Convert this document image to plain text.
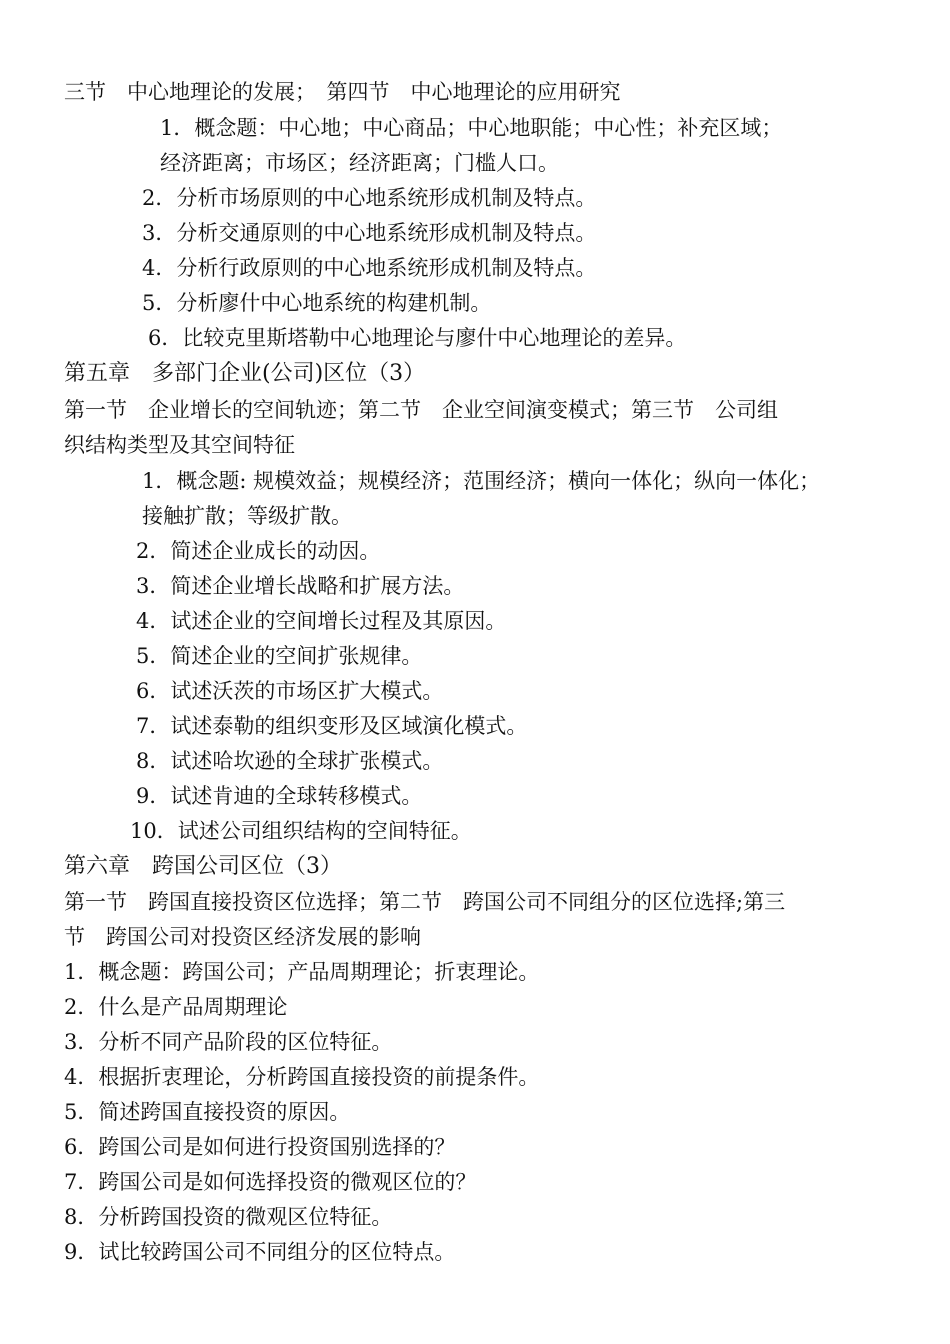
三节　中心地理论的发展；　第四节　中心地理论的应用研究
1．概念题：中心地；中心商品；中心地职能；中心性；补充区域；
经济距离；市场区；经济距离；门槛人口。
2．分析市场原则的中心地系统形成机制及特点。
3．分析交通原则的中心地系统形成机制及特点。
4．分析行政原则的中心地系统形成机制及特点。
5．分析廖什中心地系统的构建机制。
6．比较克里斯塔勒中心地理论与廖什中心地理论的差异。
第五章　多部门企业(公司)区位（3）
第一节　企业增长的空间轨迹；第二节　企业空间演变模式；第三节　公司组
织结构类型及其空间特征
1．概念题: 规模效益；规模经济；范围经济；横向一体化；纵向一体化；
接触扩散；等级扩散。
2．简述企业成长的动因。
3．简述企业增长战略和扩展方法。
4．试述企业的空间增长过程及其原因。
5．简述企业的空间扩张规律。
6．试述沃茨的市场区扩大模式。
7．试述泰勒的组织变形及区域演化模式。
8．试述哈坎逊的全球扩张模式。
9．试述肯迪的全球转移模式。
10．试述公司组织结构的空间特征。
第六章　跨国公司区位（3）
第一节　跨国直接投资区位选择；第二节　跨国公司不同组分的区位选择;第三
节　跨国公司对投资区经济发展的影响
1．概念题：跨国公司；产品周期理论；折衷理论。
2．什么是产品周期理论
3．分析不同产品阶段的区位特征。
4．根据折衷理论，分析跨国直接投资的前提条件。
5．简述跨国直接投资的原因。
6．跨国公司是如何进行投资国别选择的？
7．跨国公司是如何选择投资的微观区位的？
8．分析跨国投资的微观区位特征。
9．试比较跨国公司不同组分的区位特点。
